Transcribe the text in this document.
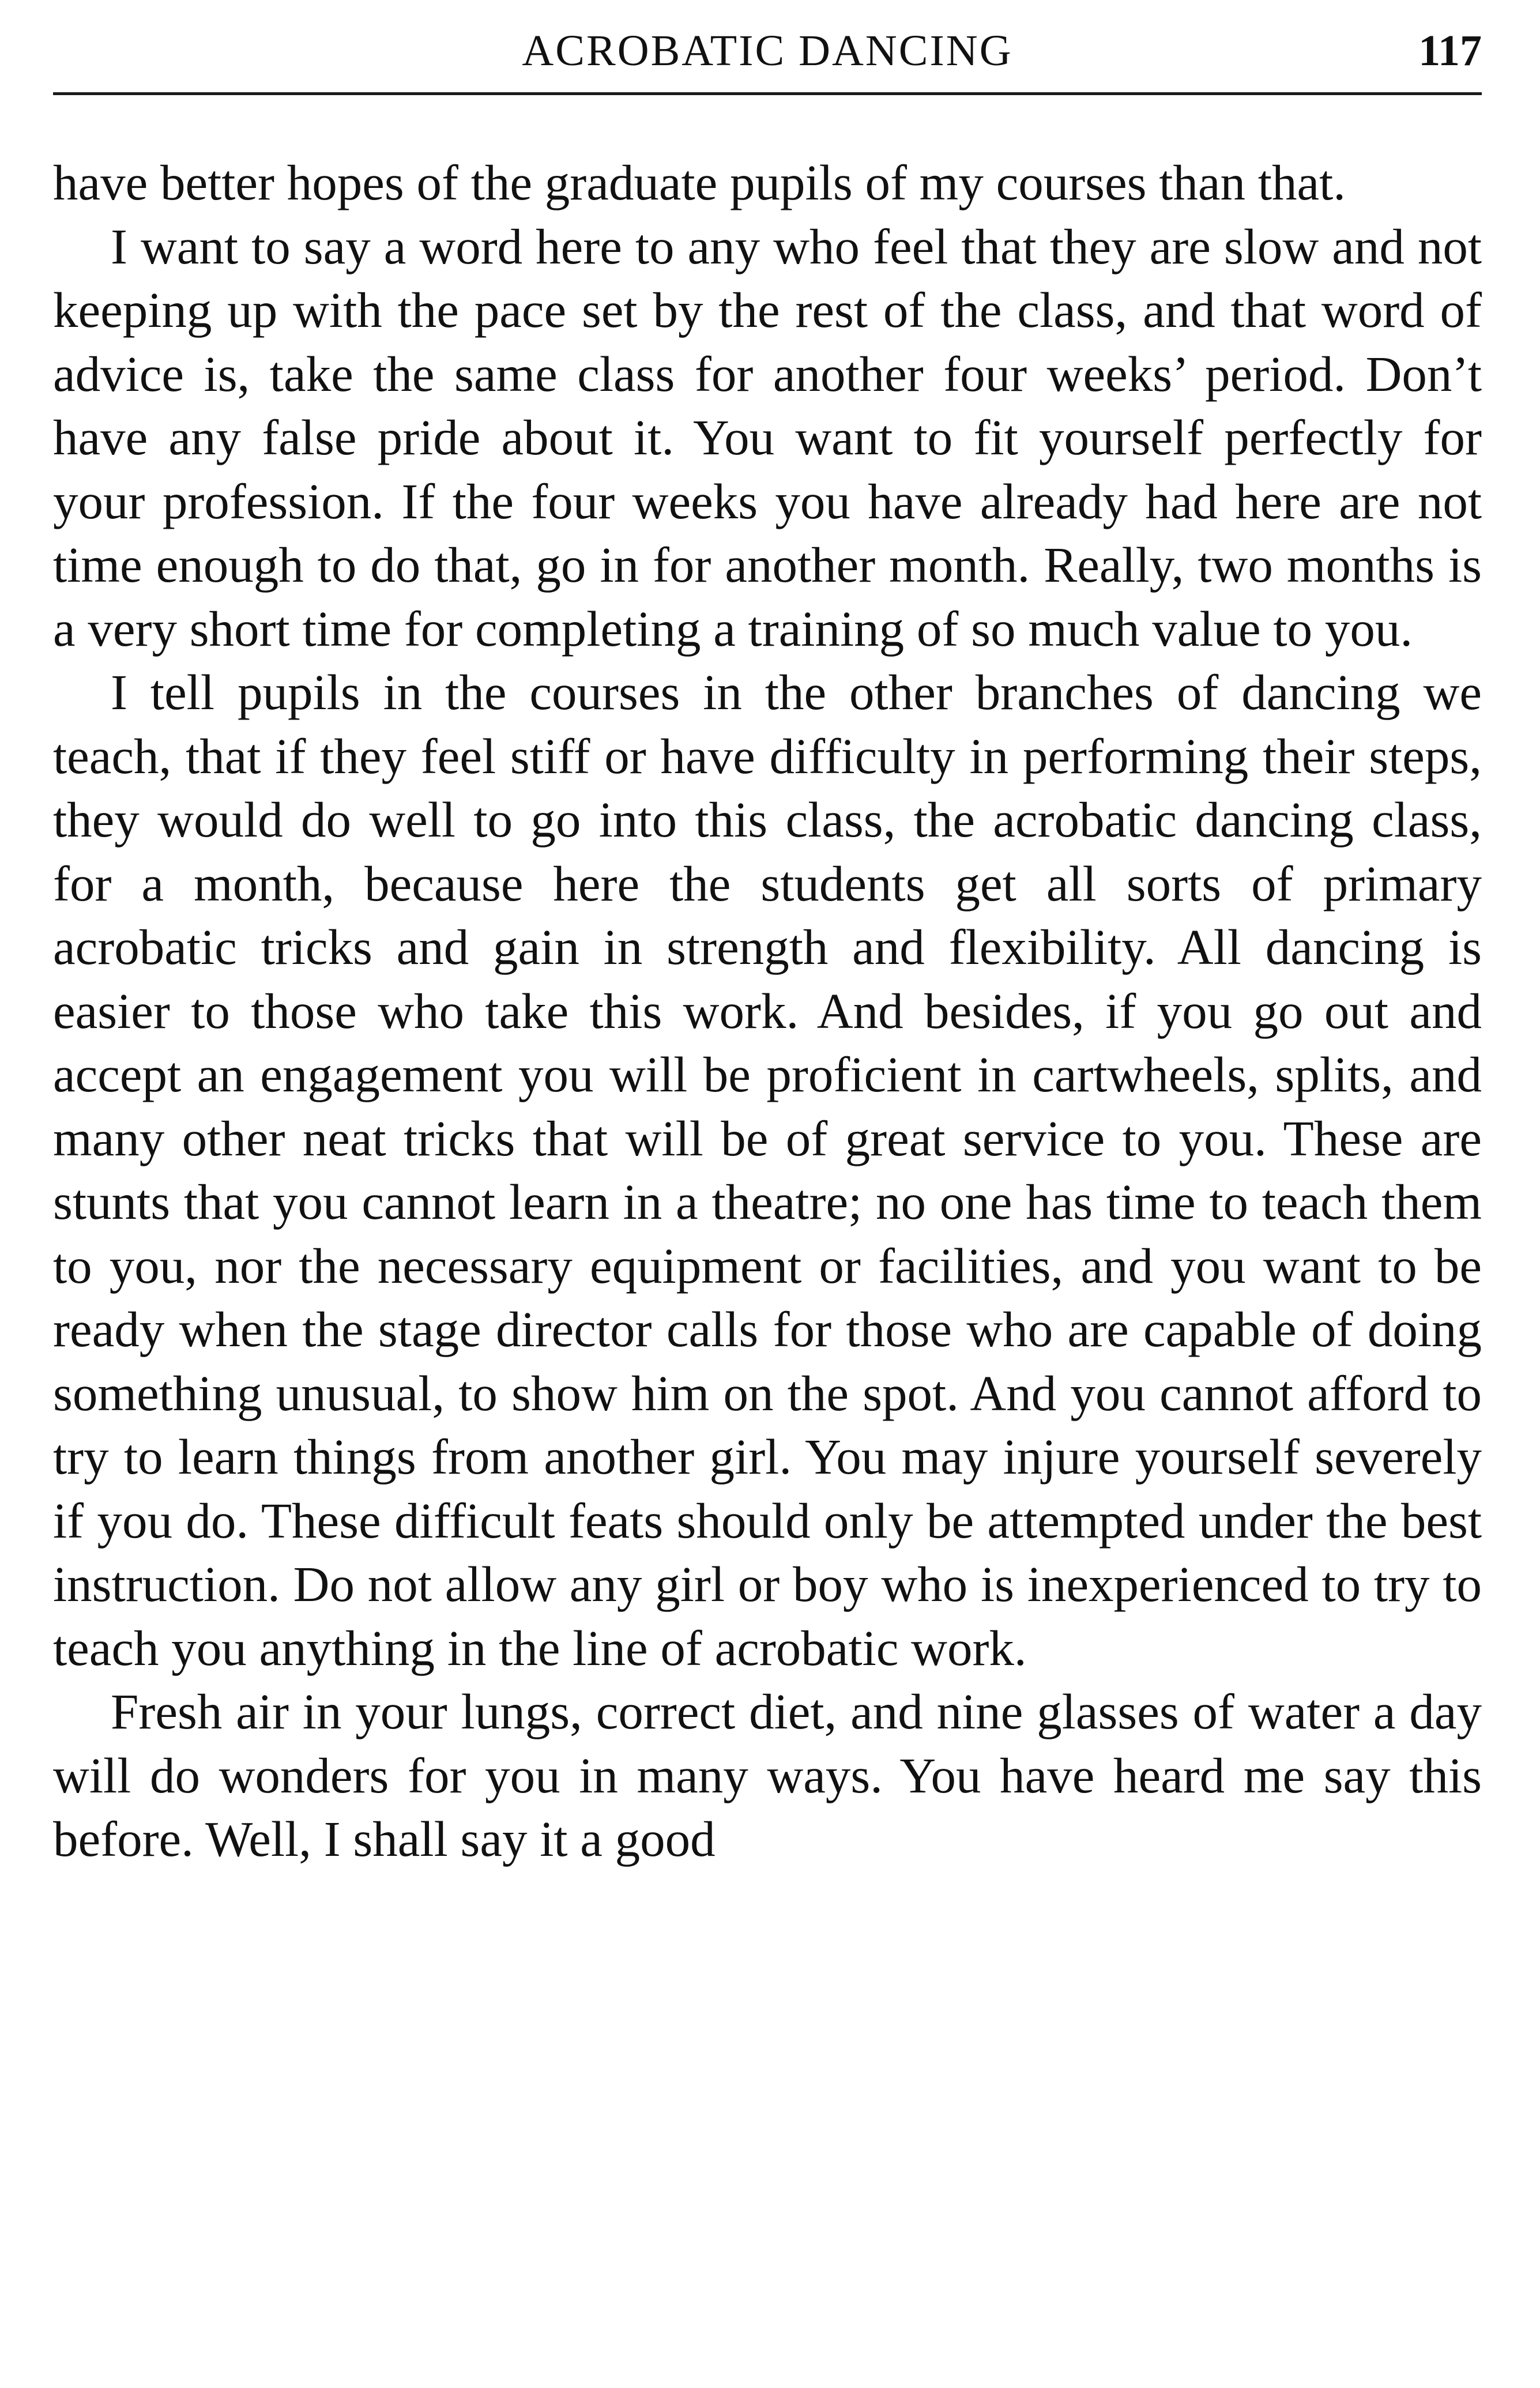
ACROBATIC DANCING	117

have better hopes of the graduate pupils of my courses than that.

I want to say a word here to any who feel that they are slow and not keeping up with the pace set by the rest of the class, and that word of advice is, take the same class for another four weeks’ period. Don’t have any false pride about it. You want to fit yourself perfectly for your profession. If the four weeks you have already had here are not time enough to do that, go in for another month. Really, two months is a very short time for completing a training of so much value to you.

I tell pupils in the courses in the other branches of dancing we teach, that if they feel stiff or have difficulty in performing their steps, they would do well to go into this class, the acrobatic dancing class, for a month, because here the students get all sorts of primary acrobatic tricks and gain in strength and flexibility. All dancing is easier to those who take this work. And besides, if you go out and accept an engagement you will be proficient in cartwheels, splits, and many other neat tricks that will be of great service to you. These are stunts that you cannot learn in a theatre; no one has time to teach them to you, nor the necessary equipment or facilities, and you want to be ready when the stage director calls for those who are capable of doing something unusual, to show him on the spot. And you cannot afford to try to learn things from another girl. You may injure yourself severely if you do. These difficult feats should only be attempted under the best instruction. Do not allow any girl or boy who is inexperienced to try to teach you anything in the line of acrobatic work.

Fresh air in your lungs, correct diet, and nine glasses of water a day will do wonders for you in many ways. You have heard me say this before. Well, I shall say it a good
